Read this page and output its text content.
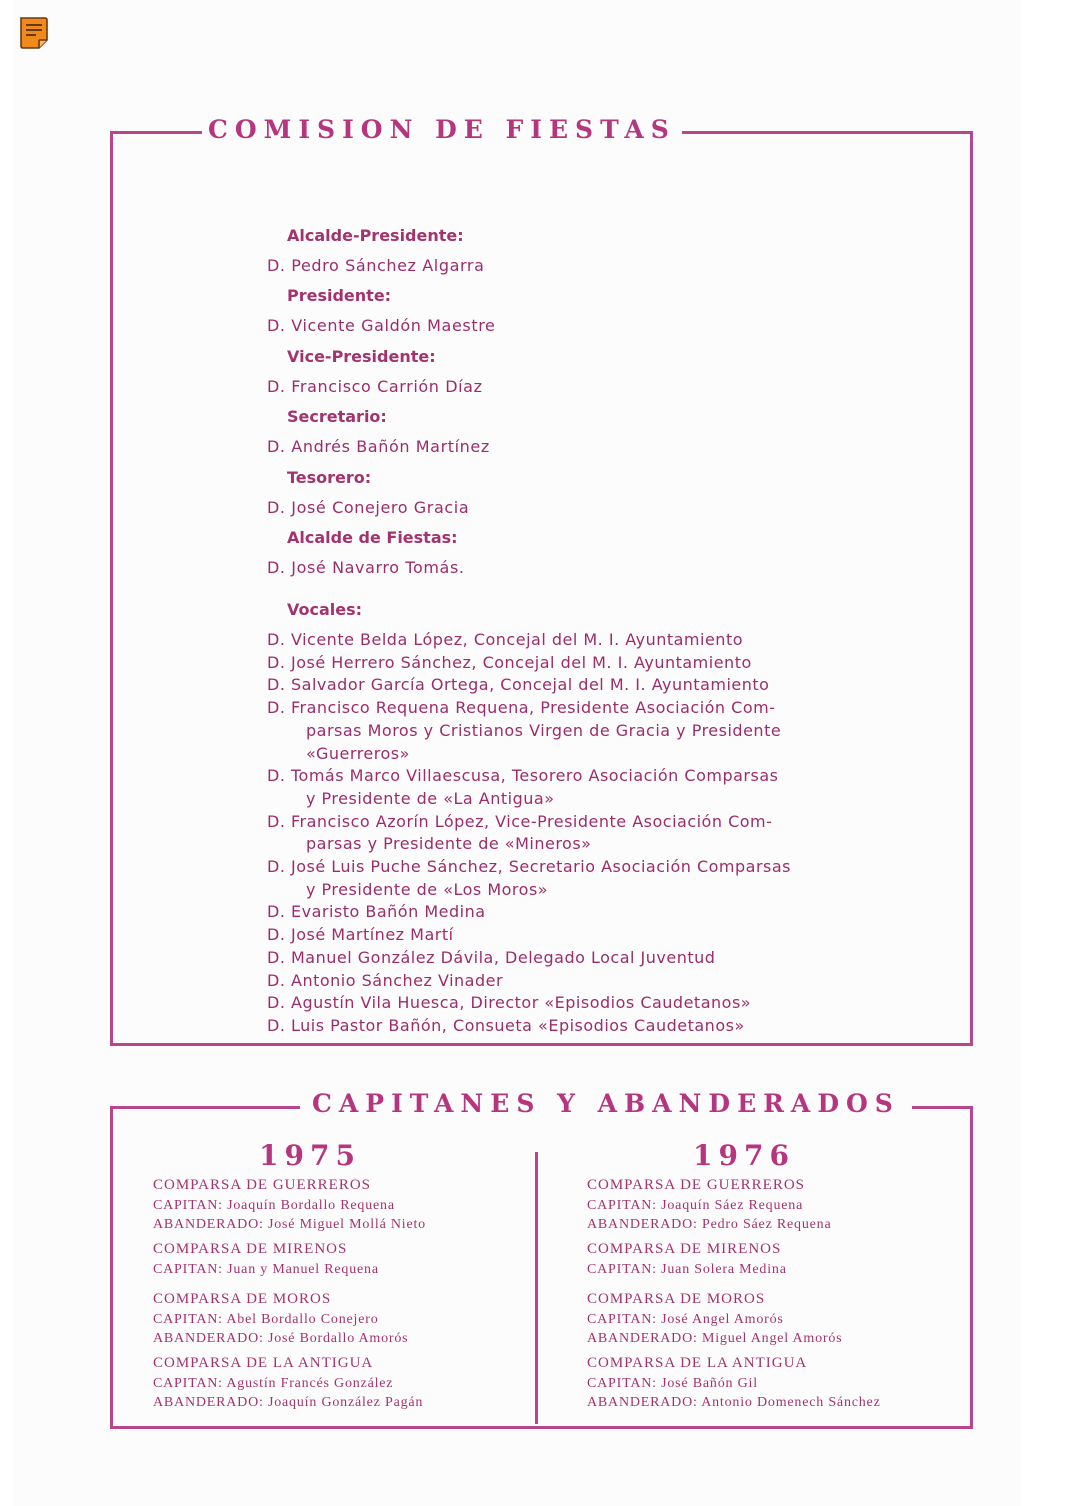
COMISION DE FIESTAS
Alcalde-Presidente:
D. Pedro Sánchez Algarra
Presidente:
D. Vicente Galdón Maestre
Vice-Presidente:
D. Francisco Carrión Díaz
Secretario:
D. Andrés Bañón Martínez
Tesorero:
D. José Conejero Gracia
Alcalde de Fiestas:
D. José Navarro Tomás.
Vocales:
D. Vicente Belda López, Concejal del M. I. Ayuntamiento
D. José Herrero Sánchez, Concejal del M. I. Ayuntamiento
D. Salvador García Ortega, Concejal del M. I. Ayuntamiento
D. Francisco Requena Requena, Presidente Asociación Com-
parsas Moros y Cristianos Virgen de Gracia y Presidente
«Guerreros»
D. Tomás Marco Villaescusa, Tesorero Asociación Comparsas
y Presidente de «La Antigua»
D. Francisco Azorín López, Vice-Presidente Asociación Com-
parsas y Presidente de «Mineros»
D. José Luis Puche Sánchez, Secretario Asociación Comparsas
y Presidente de «Los Moros»
D. Evaristo Bañón Medina
D. José Martínez Martí
D. Manuel González Dávila, Delegado Local Juventud
D. Antonio Sánchez Vinader
D. Agustín Vila Huesca, Director «Episodios Caudetanos»
D. Luis Pastor Bañón, Consueta «Episodios Caudetanos»
CAPITANES Y ABANDERADOS
1975	1976
COMPARSA DE GUERREROS
CAPITAN: Joaquín Bordallo Requena
ABANDERADO: José Miguel Mollá Nieto
COMPARSA DE MIRENOS
CAPITAN: Juan y Manuel Requena
COMPARSA DE MOROS
CAPITAN: Abel Bordallo Conejero
ABANDERADO: José Bordallo Amorós
COMPARSA DE LA ANTIGUA
CAPITAN: Agustín Francés González
ABANDERADO: Joaquín González Pagán
COMPARSA DE GUERREROS
CAPITAN: Joaquín Sáez Requena
ABANDERADO: Pedro Sáez Requena
COMPARSA DE MIRENOS
CAPITAN: Juan Solera Medina
COMPARSA DE MOROS
CAPITAN: José Angel Amorós
ABANDERADO: Miguel Angel Amorós
COMPARSA DE LA ANTIGUA
CAPITAN: José Bañón Gil
ABANDERADO: Antonio Domenech Sánchez
